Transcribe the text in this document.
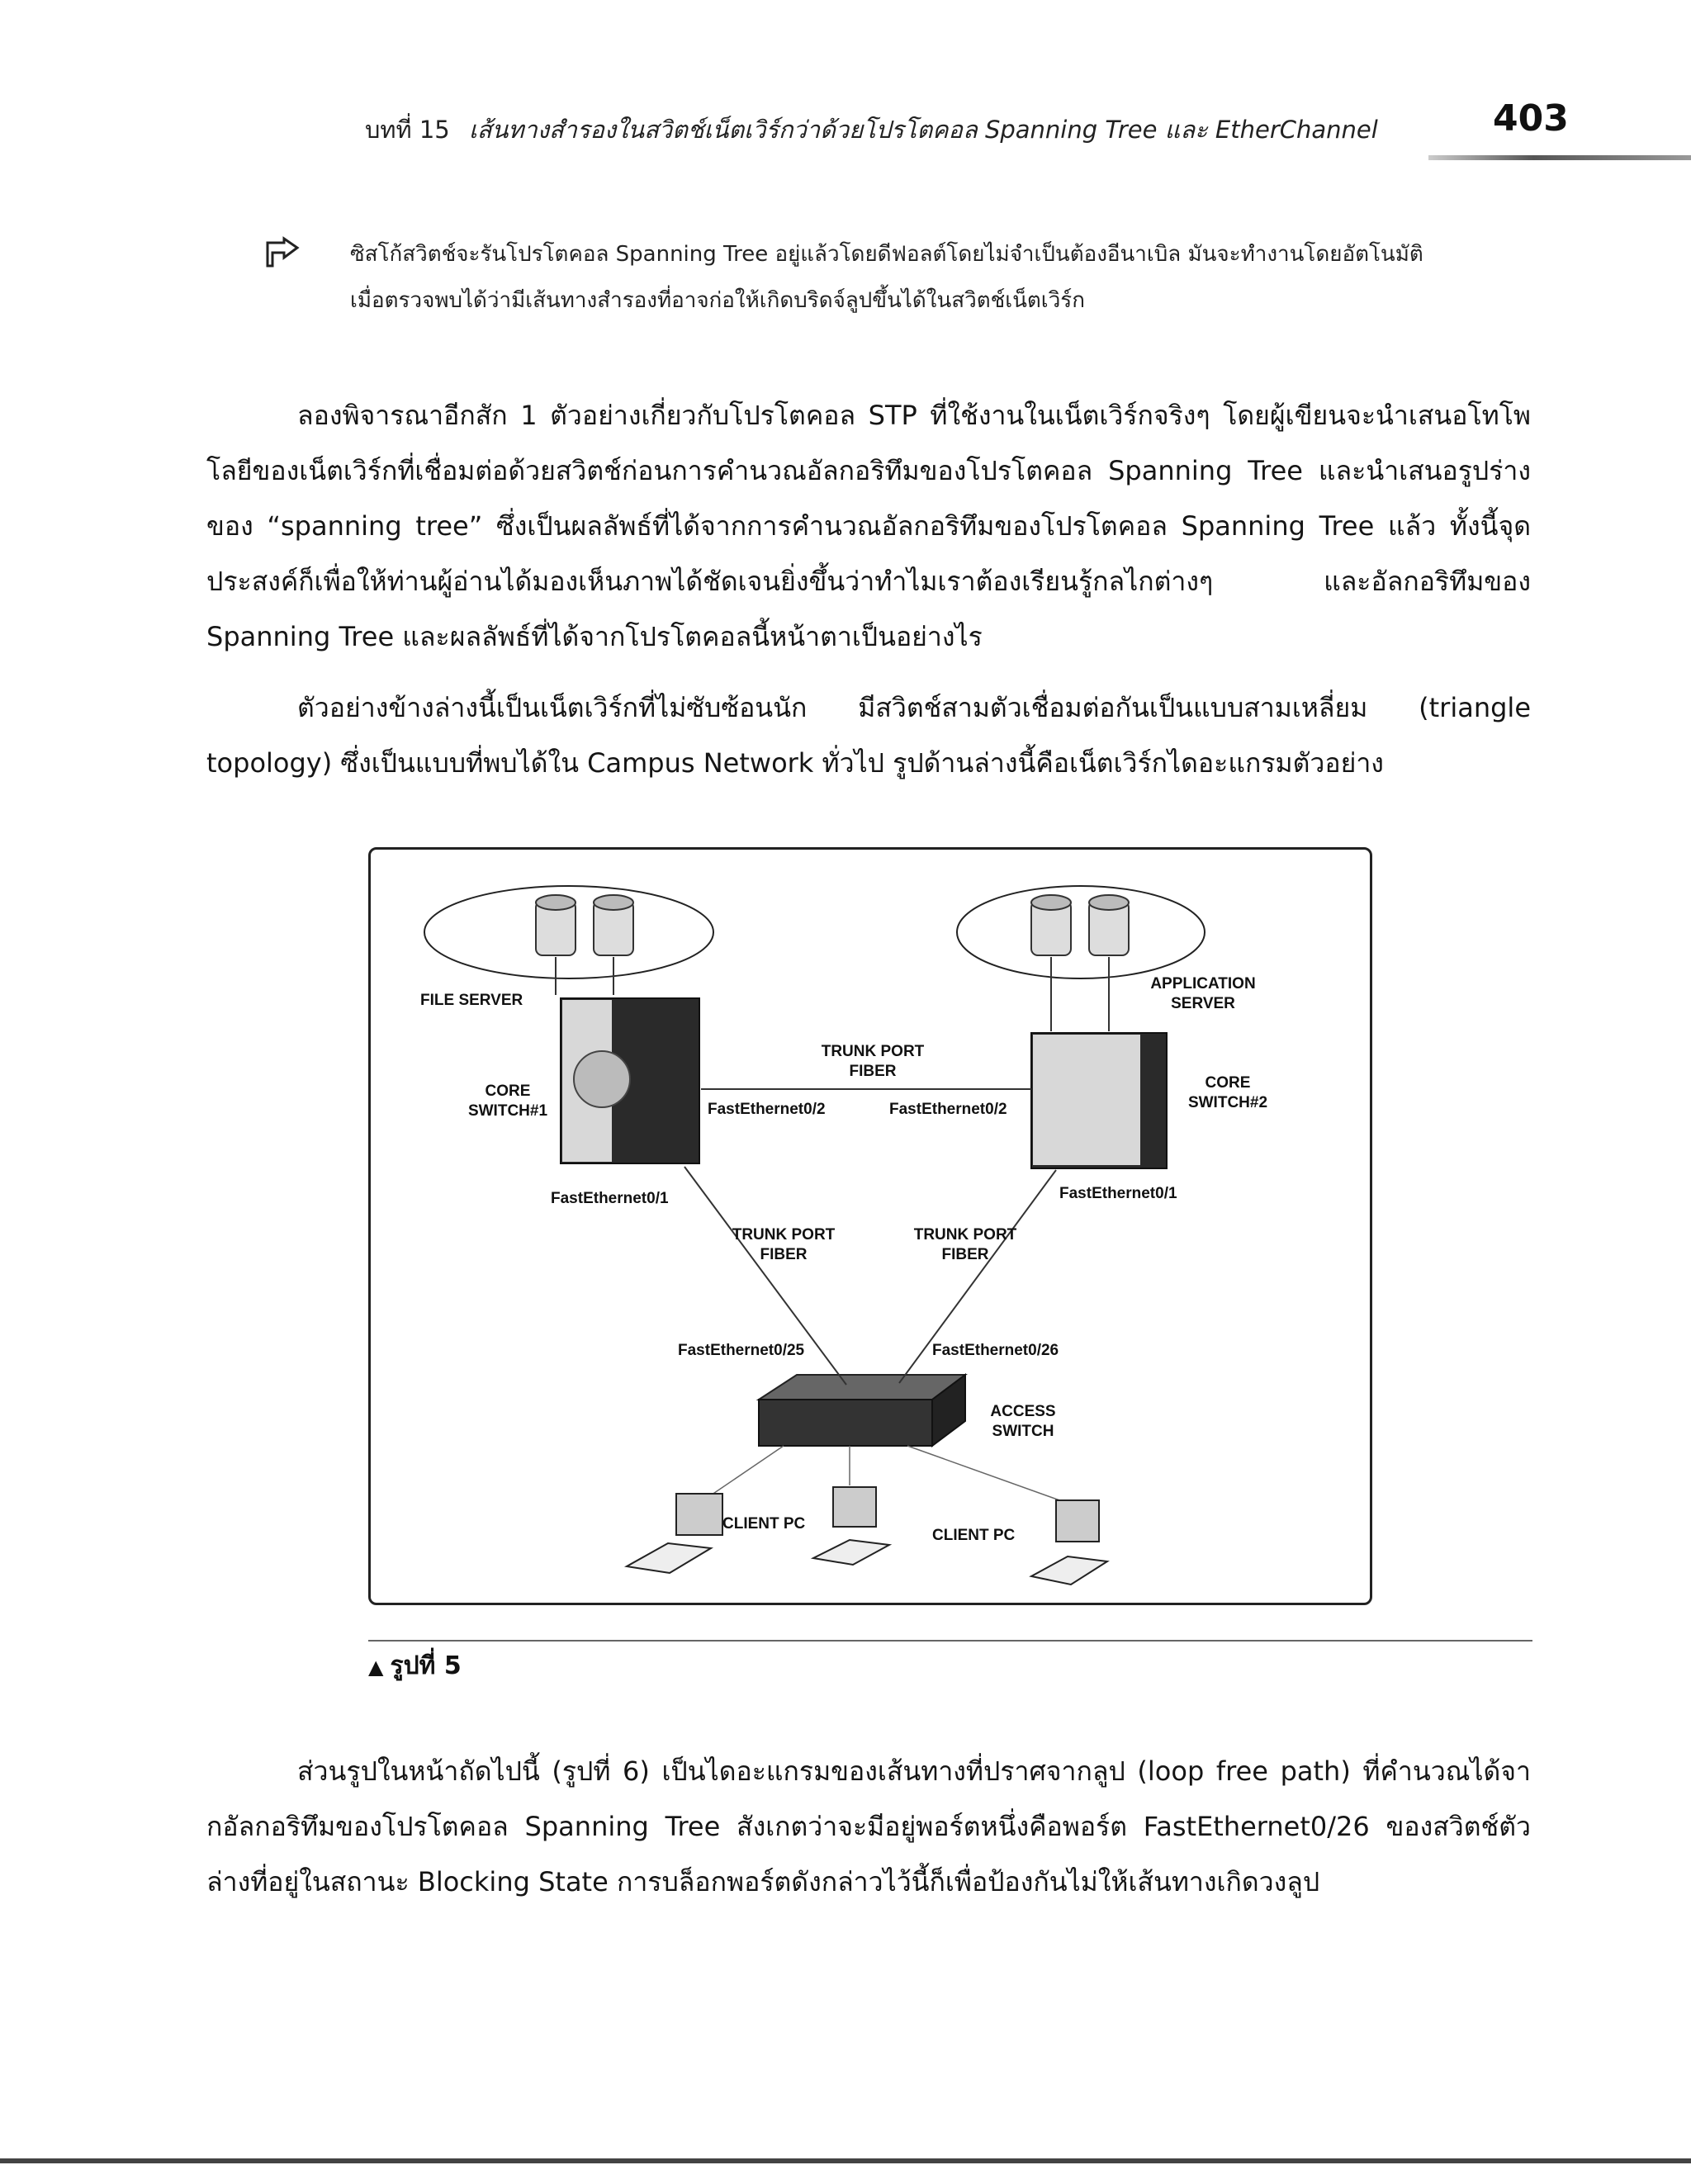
บทที่ 15 เส้นทางสำรองในสวิตช์เน็ตเวิร์กว่าด้วยโปรโตคอล Spanning Tree และ EtherChannel	403
ซิสโก้สวิตช์จะรันโปรโตคอล Spanning Tree อยู่แล้วโดยดีฟอลต์โดยไม่จำเป็นต้องอีนาเบิล มันจะทำงานโดยอัตโนมัติ
เมื่อตรวจพบได้ว่ามีเส้นทางสำรองที่อาจก่อให้เกิดบริดจ์ลูปขึ้นได้ในสวิตช์เน็ตเวิร์ก
ลองพิจารณาอีกสัก 1 ตัวอย่างเกี่ยวกับโปรโตคอล STP ที่ใช้งานในเน็ตเวิร์กจริงๆ โดยผู้เขียนจะนำเสนอโทโพโลยีของเน็ตเวิร์กที่เชื่อมต่อด้วยสวิตช์ก่อนการคำนวณอัลกอริทึมของโปรโตคอล Spanning Tree และนำเสนอรูปร่างของ “spanning tree” ซึ่งเป็นผลลัพธ์ที่ได้จากการคำนวณอัลกอริทึมของโปรโตคอล Spanning Tree แล้ว ทั้งนี้จุดประสงค์ก็เพื่อให้ท่านผู้อ่านได้มองเห็นภาพได้ชัดเจนยิ่งขึ้นว่าทำไมเราต้องเรียนรู้กลไกต่างๆ และอัลกอริทึมของ Spanning Tree และผลลัพธ์ที่ได้จากโปรโตคอลนี้หน้าตาเป็นอย่างไร
ตัวอย่างข้างล่างนี้เป็นเน็ตเวิร์กที่ไม่ซับซ้อนนัก มีสวิตช์สามตัวเชื่อมต่อกันเป็นแบบสามเหลี่ยม (triangle topology) ซึ่งเป็นแบบที่พบได้ใน Campus Network ทั่วไป รูปด้านล่างนี้คือเน็ตเวิร์กไดอะแกรมตัวอย่าง
FILE SERVER
APPLICATION
SERVER
CORE
SWITCH#1
CORE
SWITCH#2
TRUNK PORT
FIBER
TRUNK PORT
FIBER
TRUNK PORT
FIBER
FastEthernet0/2	FastEthernet0/2
FastEthernet0/1	FastEthernet0/1
FastEthernet0/25	FastEthernet0/26
ACCESS
SWITCH
CLIENT PC
CLIENT PC
▲ รูปที่ 5
ส่วนรูปในหน้าถัดไปนี้ (รูปที่ 6) เป็นไดอะแกรมของเส้นทางที่ปราศจากลูป (loop free path) ที่คำนวณได้จากอัลกอริทึมของโปรโตคอล Spanning Tree สังเกตว่าจะมีอยู่พอร์ตหนึ่งคือพอร์ต FastEthernet0/26 ของสวิตช์ตัวล่างที่อยู่ในสถานะ Blocking State การบล็อกพอร์ตดังกล่าวไว้นี้ก็เพื่อป้องกันไม่ให้เส้นทางเกิดวงลูป
